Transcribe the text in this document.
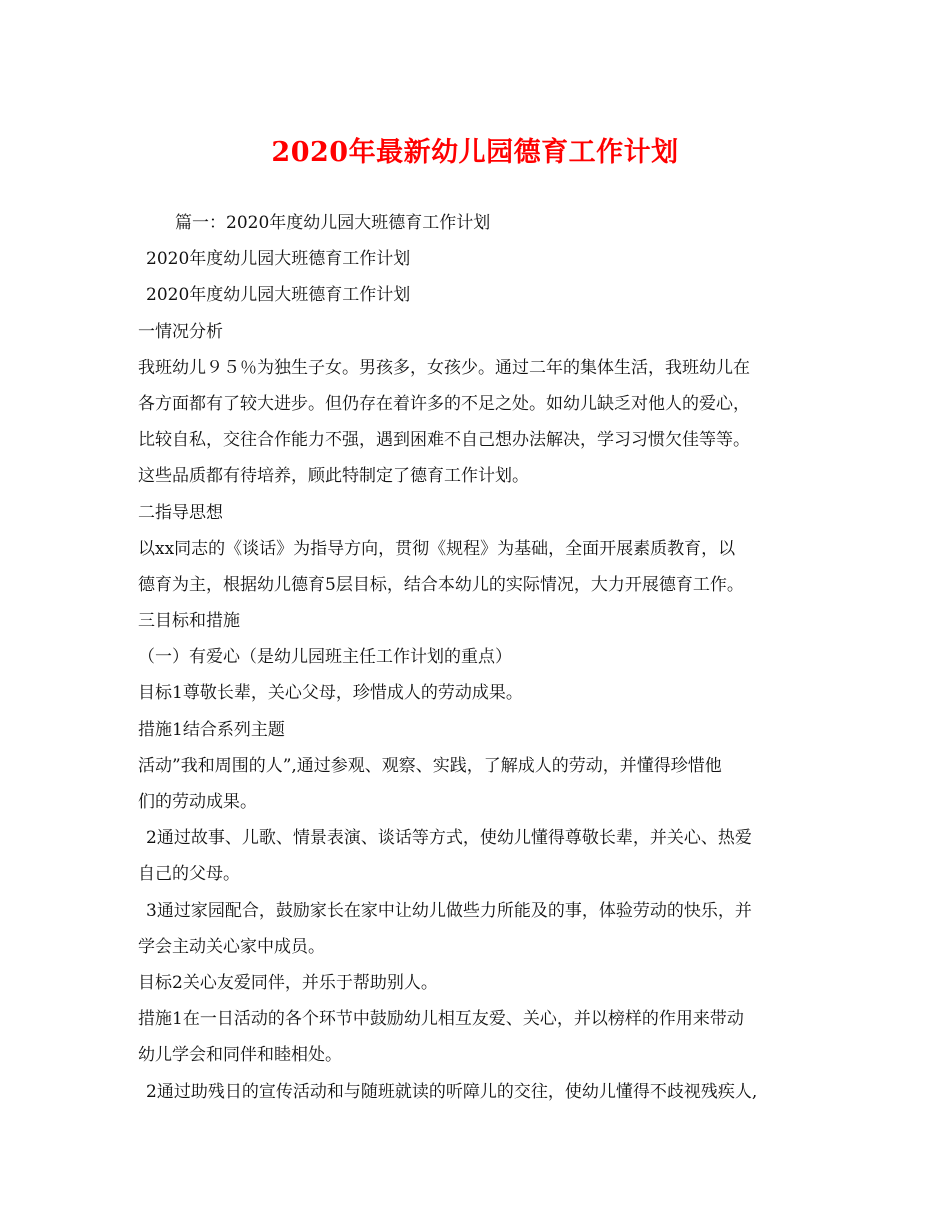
2020年最新幼儿园德育工作计划

篇一：2020年度幼儿园大班德育工作计划

2020年度幼儿园大班德育工作计划

2020年度幼儿园大班德育工作计划

一情况分析

我班幼儿９５％为独生子女。男孩多，女孩少。通过二年的集体生活，我班幼儿在

各方面都有了较大进步。但仍存在着许多的不足之处。如幼儿缺乏对他人的爱心，

比较自私，交往合作能力不强，遇到困难不自己想办法解决，学习习惯欠佳等等。

这些品质都有待培养，顾此特制定了德育工作计划。

二指导思想

以xx同志的《谈话》为指导方向，贯彻《规程》为基础，全面开展素质教育，以

德育为主，根据幼儿德育5层目标，结合本幼儿的实际情况，大力开展德育工作。

三目标和措施

（一）有爱心（是幼儿园班主任工作计划的重点）

目标1尊敬长辈，关心父母，珍惜成人的劳动成果。

措施1结合系列主题

活动”我和周围的人”,通过参观、观察、实践，了解成人的劳动，并懂得珍惜他

们的劳动成果。

2通过故事、儿歌、情景表演、谈话等方式，使幼儿懂得尊敬长辈，并关心、热爱

自己的父母。

3通过家园配合，鼓励家长在家中让幼儿做些力所能及的事，体验劳动的快乐，并

学会主动关心家中成员。

目标2关心友爱同伴，并乐于帮助别人。

措施1在一日活动的各个环节中鼓励幼儿相互友爱、关心，并以榜样的作用来带动

幼儿学会和同伴和睦相处。

2通过助残日的宣传活动和与随班就读的听障儿的交往，使幼儿懂得不歧视残疾人,
